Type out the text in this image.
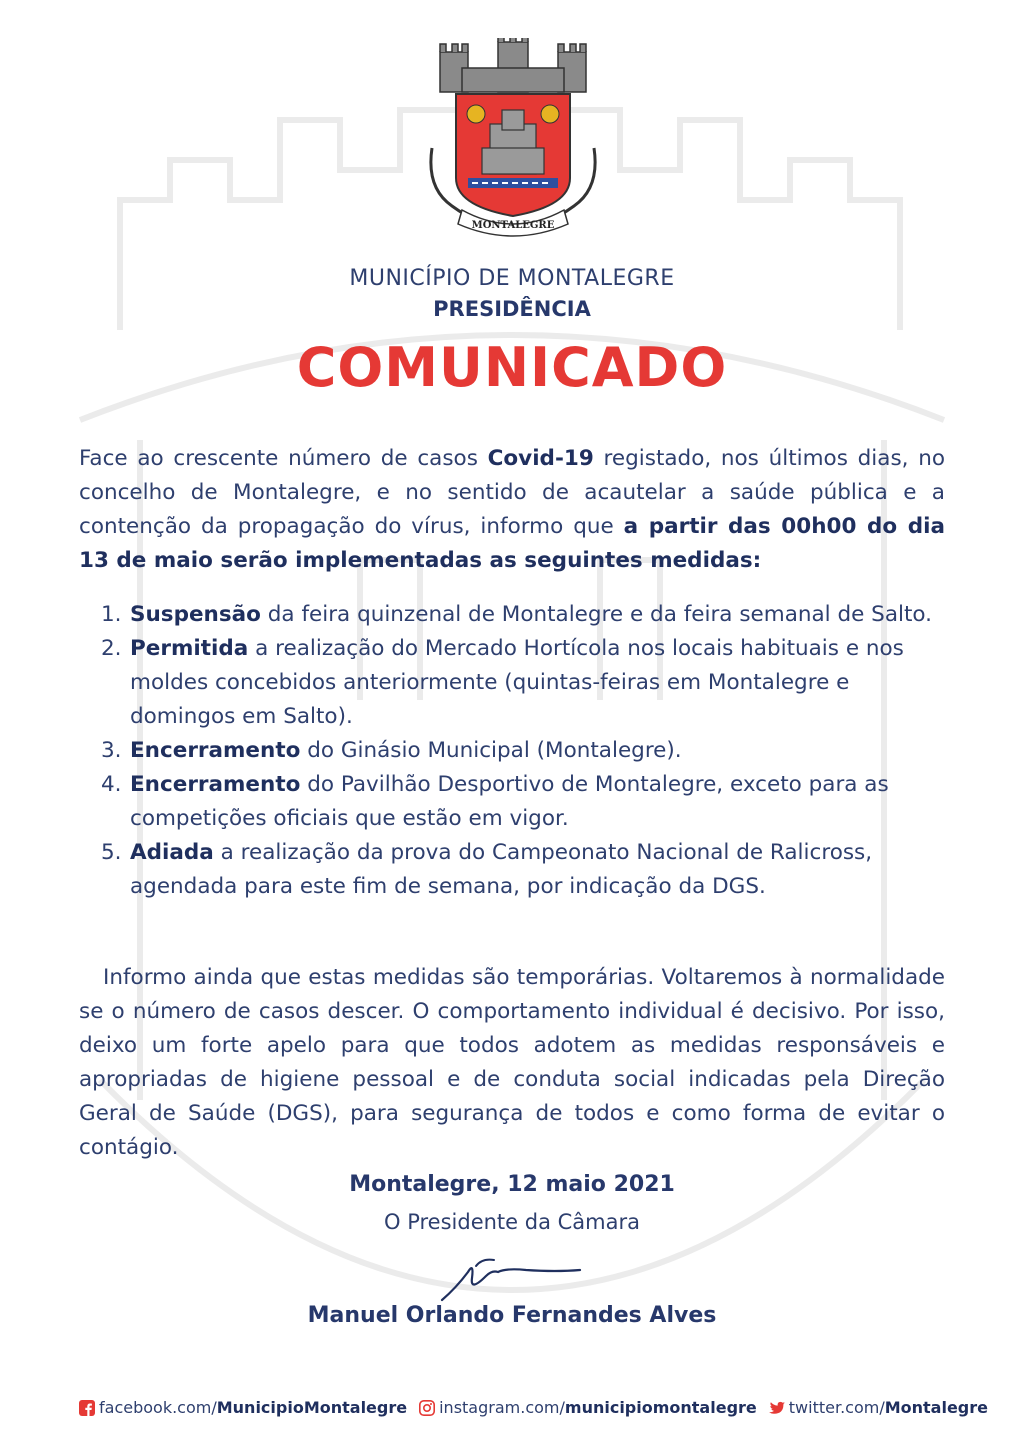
MONTALEGRE
MUNICÍPIO DE MONTALEGRE
PRESIDÊNCIA
COMUNICADO
Face ao crescente número de casos Covid-19 registado, nos últimos dias, no concelho de Montalegre, e no sentido de acautelar a saúde pública e a contenção da propagação do vírus, informo que a partir das 00h00 do dia 13 de maio serão implementadas as seguintes medidas:
1. Suspensão da feira quinzenal de Montalegre e da feira semanal de Salto.
2. Permitida a realização do Mercado Hortícola nos locais habituais e nos moldes concebidos anteriormente (quintas-feiras em Montalegre e domingos em Salto).
3. Encerramento do Ginásio Municipal (Montalegre).
4. Encerramento do Pavilhão Desportivo de Montalegre, exceto para as competições oficiais que estão em vigor.
5. Adiada a realização da prova do Campeonato Nacional de Ralicross, agendada para este fim de semana, por indicação da DGS.
Informo ainda que estas medidas são temporárias. Voltaremos à normalidade se o número de casos descer. O comportamento individual é decisivo. Por isso, deixo um forte apelo para que todos adotem as medidas responsáveis e apropriadas de higiene pessoal e de conduta social indicadas pela Direção Geral de Saúde (DGS), para segurança de todos e como forma de evitar o contágio.
Montalegre, 12 maio 2021
O Presidente da Câmara
Manuel Orlando Fernandes Alves
facebook.com/ MunicipioMontalegre instagram.com/ municipiomontalegre twitter.com/ Montalegre
